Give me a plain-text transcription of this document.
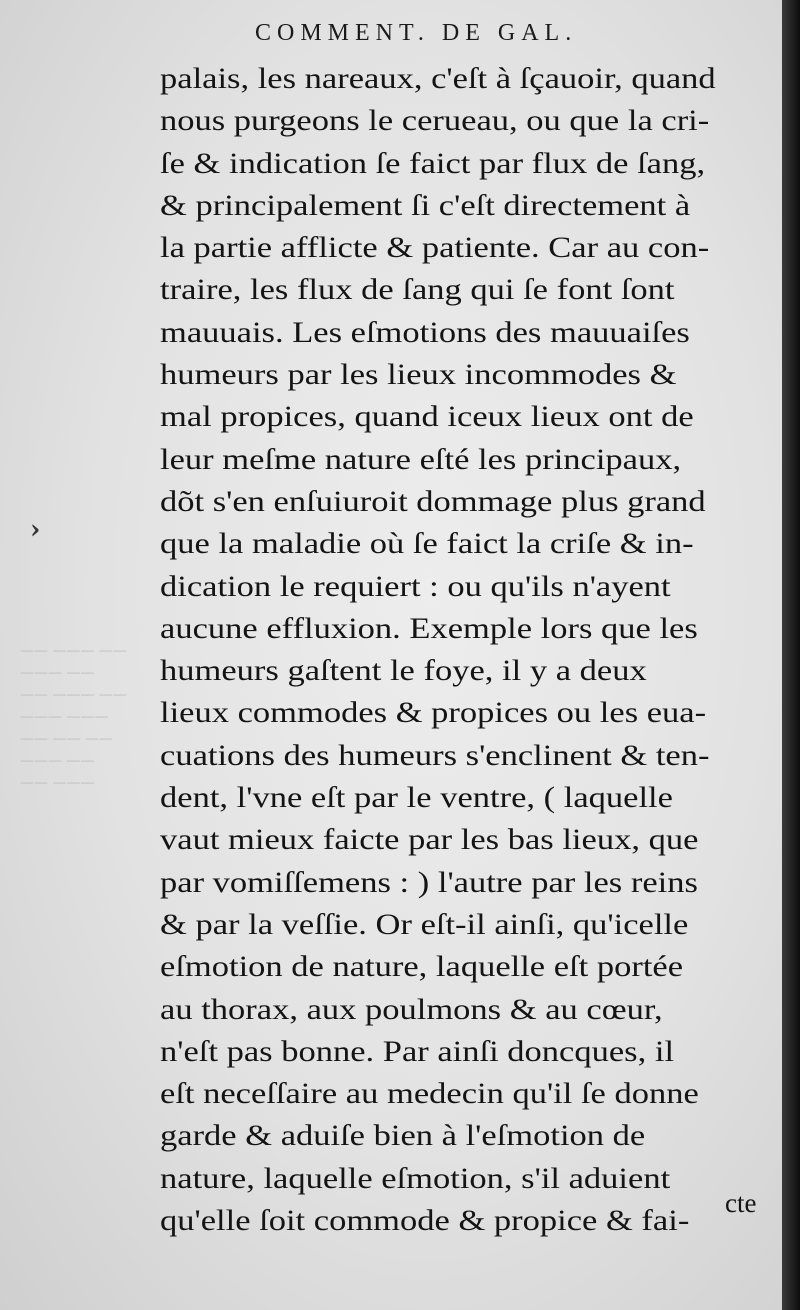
—— ——— ——
——— ——
—— ——— ——
——— ———
—— —— ——
——— ——
—— ———
›
COMMENT. DE GAL.
palais, les nareaux, c'eſt à ſçauoir, quand
nous purgeons le cerueau, ou que la cri-
ſe & indication ſe faict par flux de ſang,
& principalement ſi c'eſt directement à
la partie afflicte & patiente. Car au con-
traire, les flux de ſang qui ſe font ſont
mauuais. Les eſmotions des mauuaiſes
humeurs par les lieux incommodes &
mal propices, quand iceux lieux ont de
leur meſme nature eſté les principaux,
dõt s'en enſuiuroit dommage plus grand
que la maladie où ſe faict la criſe & in-
dication le requiert : ou qu'ils n'ayent
aucune effluxion. Exemple lors que les
humeurs gaſtent le foye, il y a deux
lieux commodes & propices ou les eua-
cuations des humeurs s'enclinent & ten-
dent, l'vne eſt par le ventre, ( laquelle
vaut mieux faicte par les bas lieux, que
par vomiſſemens : ) l'autre par les reins
& par la veſſie. Or eſt-il ainſi, qu'icelle
eſmotion de nature, laquelle eſt portée
au thorax, aux poulmons & au cœur,
n'eſt pas bonne. Par ainſi doncques, il
eſt neceſſaire au medecin qu'il ſe donne
garde & aduiſe bien à l'eſmotion de
nature, laquelle eſmotion, s'il aduient
qu'elle ſoit commode & propice & fai-
cte
